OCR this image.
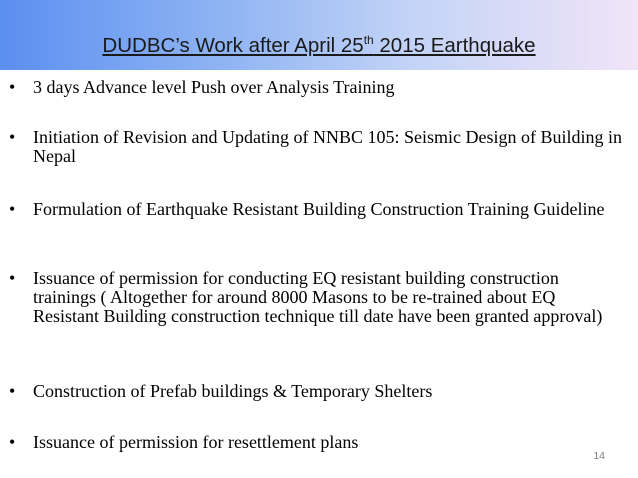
DUDBC’s Work after April 25th 2015 Earthquake
• 3 days Advance level Push over Analysis Training
• Initiation of Revision and Updating of NNBC 105: Seismic Design of Building in Nepal
• Formulation of Earthquake Resistant Building Construction Training Guideline
• Issuance of permission for conducting EQ resistant building construction trainings ( Altogether for around 8000 Masons to be re-trained about EQ Resistant Building construction technique till date have been granted approval)
• Construction of Prefab buildings & Temporary Shelters
• Issuance of permission for resettlement plans
14
